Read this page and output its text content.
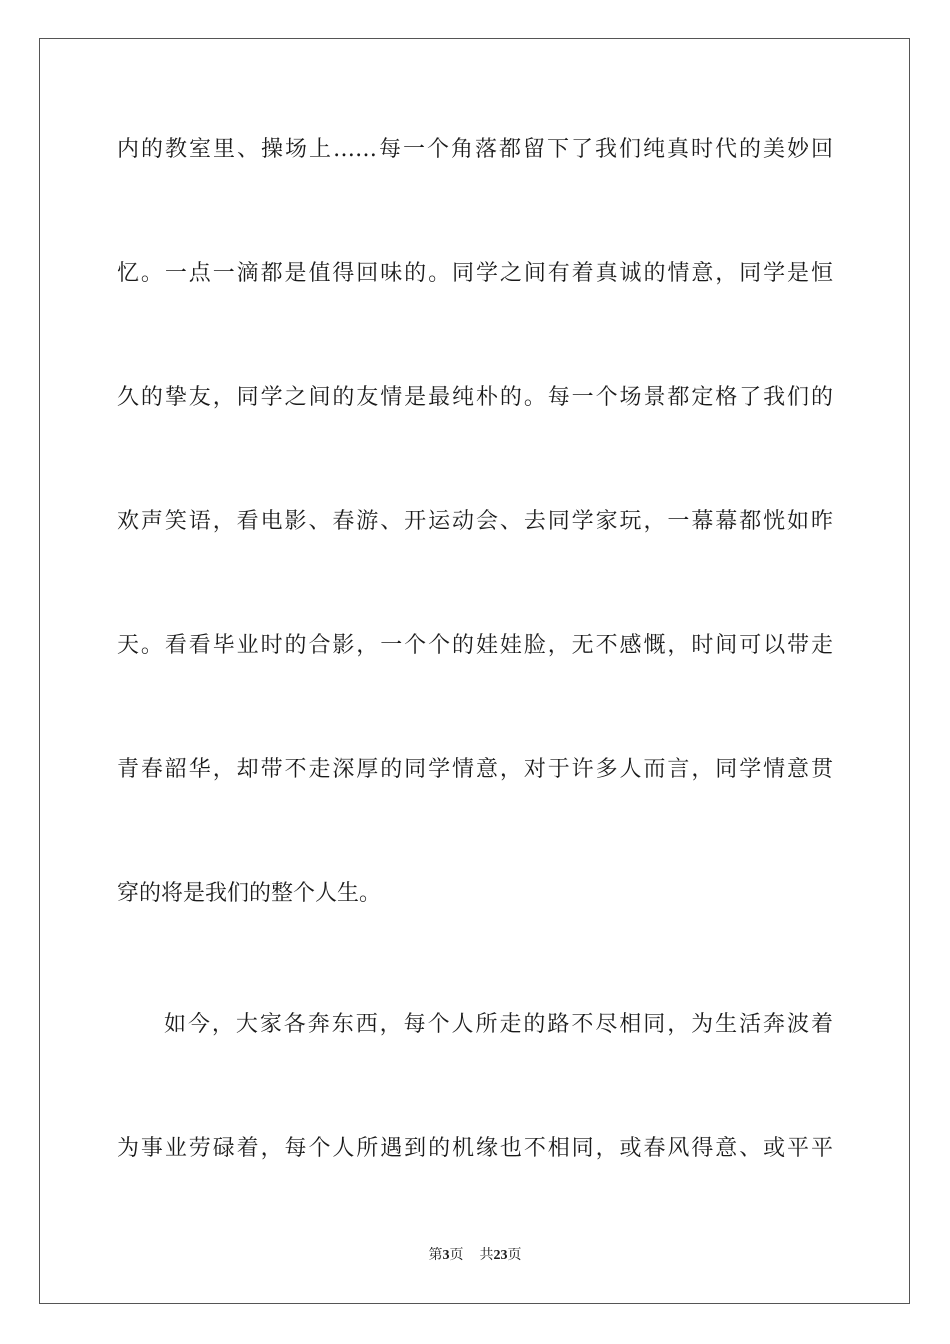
内的教室里、操场上……每一个角落都留下了我们纯真时代的美妙回
忆。一点一滴都是值得回味的。同学之间有着真诚的情意，同学是恒
久的挚友，同学之间的友情是最纯朴的。每一个场景都定格了我们的
欢声笑语，看电影、春游、开运动会、去同学家玩，一幕幕都恍如昨
天。看看毕业时的合影，一个个的娃娃脸，无不感慨，时间可以带走
青春韶华，却带不走深厚的同学情意，对于许多人而言，同学情意贯
穿的将是我们的整个人生。
如今，大家各奔东西，每个人所走的路不尽相同，为生活奔波着
为事业劳碌着，每个人所遇到的机缘也不相同，或春风得意、或平平
第3页 共23页
